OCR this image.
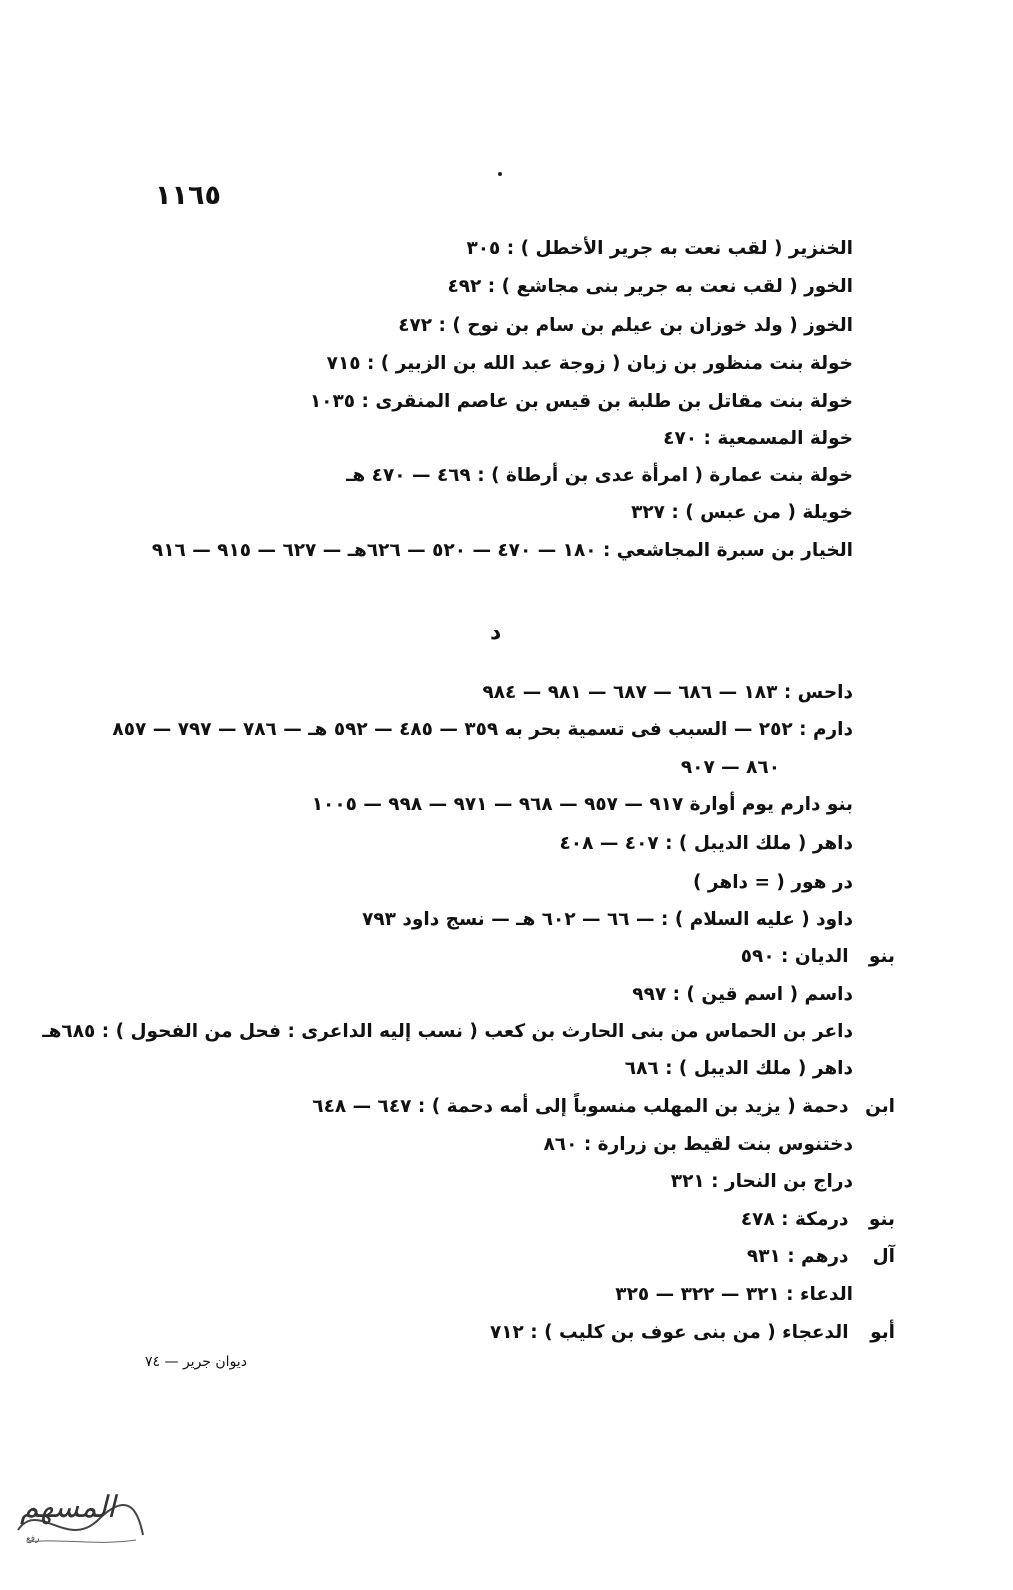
١١٦٥
الخنزير ( لقب نعت به جرير الأخطل ) : ٣٠٥
الخور ( لقب نعت به جرير بنى مجاشع ) : ٤٩٢
الخوز ( ولد خوزان بن عيلم بن سام بن نوح ) : ٤٧٢
خولة بنت منظور بن زبان ( زوجة عبد الله بن الزبير ) : ٧١٥
خولة بنت مقاتل بن طلبة بن قيس بن عاصم المنقرى : ١٠٣٥
خولة المسمعية : ٤٧٠
خولة بنت عمارة ( امرأة عدى بن أرطاة ) : ٤٦٩ — ٤٧٠ هـ
خويلة ( من عبس ) : ٣٢٧
الخيار بن سبرة المجاشعي : ١٨٠ — ٤٧٠ — ٥٢٠ — ٦٢٦هـ — ٦٢٧ — ٩١٥ — ٩١٦
د
داحس : ١٨٣ — ٦٨٦ — ٦٨٧ — ٩٨١ — ٩٨٤
دارم : ٢٥٢ — السبب فى تسمية بحر به ٣٥٩ — ٤٨٥ — ٥٩٢ هـ — ٧٨٦ — ٧٩٧ — ٨٥٧
٨٦٠ — ٩٠٧
بنو دارم يوم أوارة ٩١٧ — ٩٥٧ — ٩٦٨ — ٩٧١ — ٩٩٨ — ١٠٠٥
داهر ( ملك الديبل ) : ٤٠٧ — ٤٠٨
در هور ( = داهر )
داود ( عليه السلام ) : — ٦٦ — ٦٠٢ هـ — نسج داود ٧٩٣
بنو الديان : ٥٩٠
داسم ( اسم قين ) : ٩٩٧
داعر بن الحماس من بنى الحارث بن كعب ( نسب إليه الداعرى : فحل من الفحول ) : ٦٨٥هـ
داهر ( ملك الديبل ) : ٦٨٦
ابن دحمة ( يزيد بن المهلب منسوباً إلى أمه دحمة ) : ٦٤٧ — ٦٤٨
دختنوس بنت لقيط بن زرارة : ٨٦٠
دراج بن النحار : ٣٢١
بنو درمكة : ٤٧٨
آل درهم : ٩٣١
الدعاء : ٣٢١ — ٣٢٢ — ٣٢٥
أبو الدعجاء ( من بنى عوف بن كليب ) : ٧١٢
ديوان جرير — ٧٤
المسهم
رفع
